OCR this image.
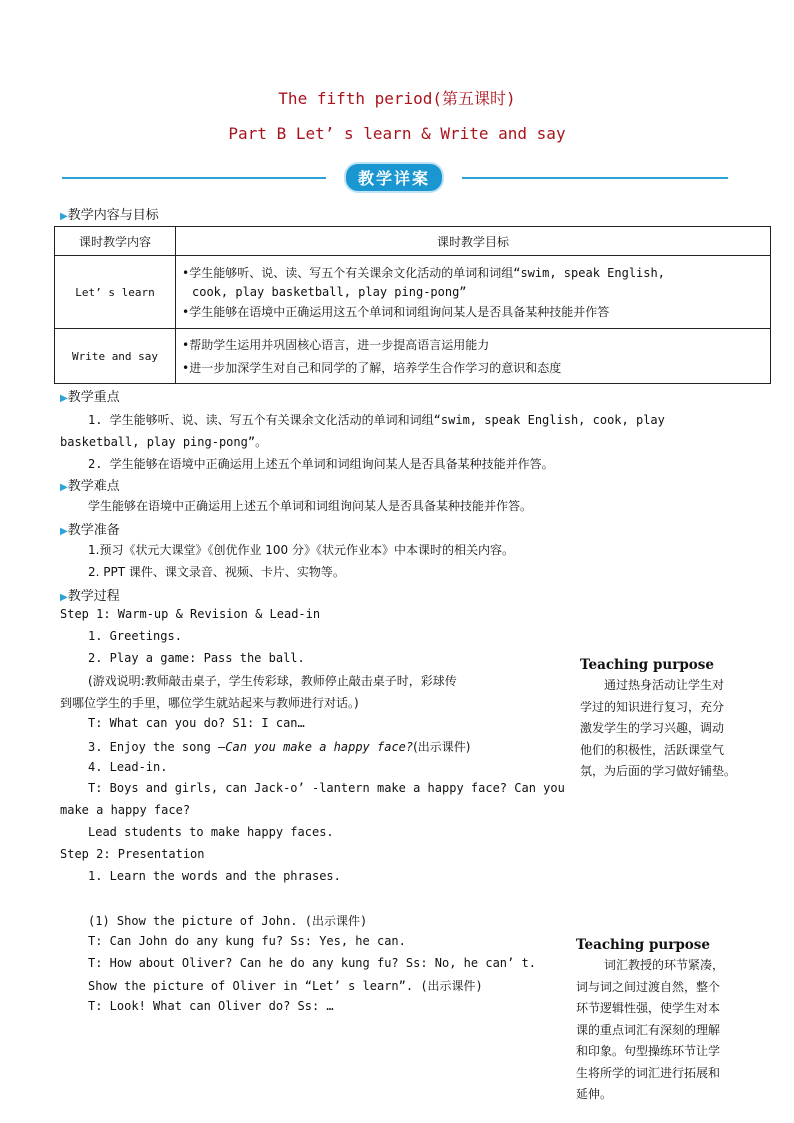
The fifth period(第五课时)
Part B Let’ s learn & Write and say
教学详案
▶教学内容与目标
课时教学内容	课时教学目标
Let’ s learn	•学生能够听、说、读、写五个有关课余文化活动的单词和词组“swim, speak English,
cook, play basketball, play ping-pong”
•学生能够在语境中正确运用这五个单词和词组询问某人是否具备某种技能并作答

Write and say	•帮助学生运用并巩固核心语言，进一步提高语言运用能力
•进一步加深学生对自己和同学的了解，培养学生合作学习的意识和态度
▶教学重点
1. 学生能够听、说、读、写五个有关课余文化活动的单词和词组“swim, speak English, cook, play
basketball, play ping-pong”。
2. 学生能够在语境中正确运用上述五个单词和词组询问某人是否具备某种技能并作答。
▶教学难点
学生能够在语境中正确运用上述五个单词和词组询问某人是否具备某种技能并作答。
▶教学准备
1.预习《状元大课堂》《创优作业 100 分》《状元作业本》中本课时的相关内容。
2. PPT 课件、课文录音、视频、卡片、实物等。
▶教学过程
Step 1: Warm-up & Revision & Lead-in
1. Greetings.
2. Play a game: Pass the ball.
(游戏说明:教师敲击桌子，学生传彩球，教师停止敲击桌子时，彩球传
到哪位学生的手里，哪位学生就站起来与教师进行对话。)
T: What can you do? S1: I can…
3. Enjoy the song —Can you make a happy face?(出示课件)
4. Lead-in.
T: Boys and girls, can Jack-o’ -lantern make a happy face? Can you
make a happy face?
Lead students to make happy faces.
Step 2: Presentation
1. Learn the words and the phrases.
(1) Show the picture of John. (出示课件)
T: Can John do any kung fu? Ss: Yes, he can.
T: How about Oliver? Can he do any kung fu? Ss: No, he can’ t.
Show the picture of Oliver in “Let’ s learn”. (出示课件)
T: Look! What can Oliver do? Ss: …
Teaching purpose
通过热身活动让学生对
学过的知识进行复习，充分
激发学生的学习兴趣，调动
他们的积极性，活跃课堂气
氛，为后面的学习做好铺垫。
Teaching purpose
词汇教授的环节紧凑，
词与词之间过渡自然，整个
环节逻辑性强，使学生对本
课的重点词汇有深刻的理解
和印象。句型操练环节让学
生将所学的词汇进行拓展和
延伸。
